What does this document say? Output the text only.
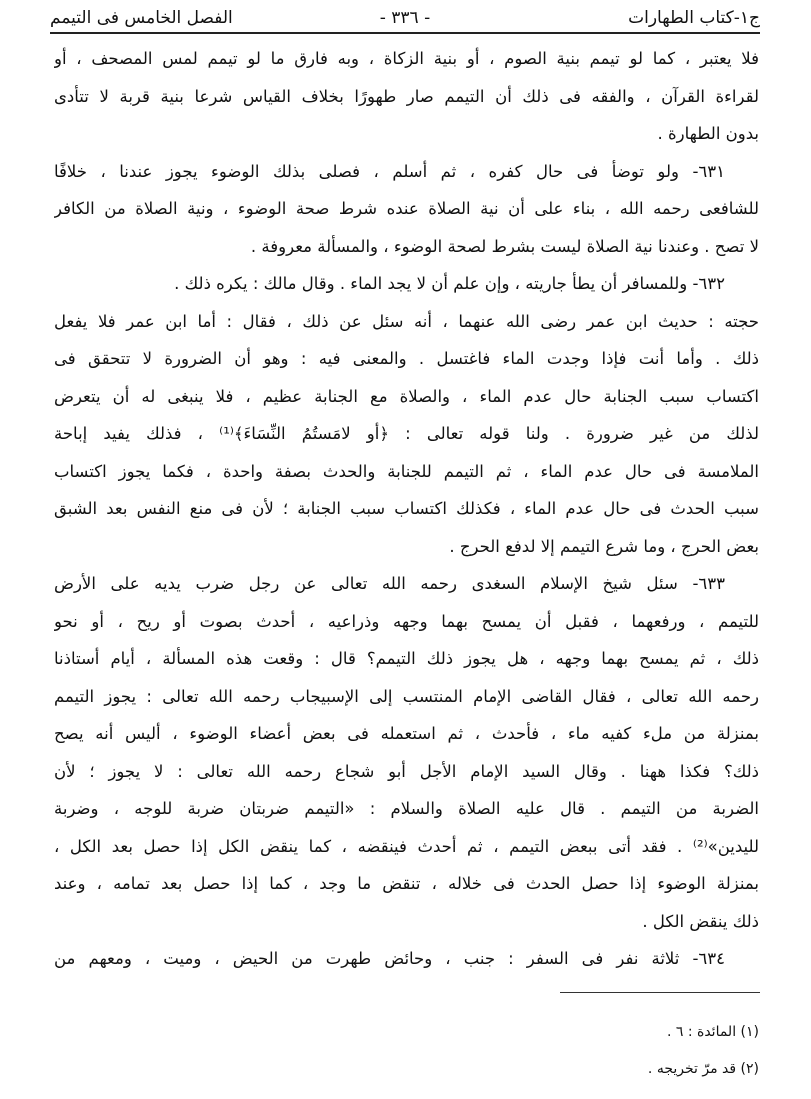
ج١-كتاب الطهارات
- ٣٣٦ -
الفصل الخامس فى التيمم
فلا يعتبر ، كما لو تيمم بنية الصوم ، أو بنية الزكاة ، وبه فارق ما لو تيمم لمس المصحف ، أو
لقراءة القرآن ، والفقه فى ذلك أن التيمم صار طهورًا بخلاف القياس شرعا بنية قربة لا تتأدى
بدون الطهارة .
٦٣١- ولو توضأ فى حال كفره ، ثم أسلم ، فصلى بذلك الوضوء يجوز عندنا ، خلافًا
للشافعى رحمه الله ، بناء على أن نية الصلاة عنده شرط صحة الوضوء ، ونية الصلاة من الكافر
لا تصح . وعندنا نية الصلاة ليست بشرط لصحة الوضوء ، والمسألة معروفة .
٦٣٢- وللمسافر أن يطأ جاريته ، وإن علم أن لا يجد الماء . وقال مالك : يكره ذلك .
حجته : حديث ابن عمر رضى الله عنهما ، أنه سئل عن ذلك ، فقال : أما ابن عمر فلا يفعل
ذلك . وأما أنت فإذا وجدت الماء فاغتسل . والمعنى فيه : وهو أن الضرورة لا تتحقق فى
اكتساب سبب الجنابة حال عدم الماء ، والصلاة مع الجنابة عظيم ، فلا ينبغى له أن يتعرض
لذلك من غير ضرورة . ولنا قوله تعالى : ﴿أو لامَستُمُ النِّسَاءَ﴾⁽¹⁾ ، فذلك يفيد إباحة
الملامسة فى حال عدم الماء ، ثم التيمم للجنابة والحدث بصفة واحدة ، فكما يجوز اكتساب
سبب الحدث فى حال عدم الماء ، فكذلك اكتساب سبب الجنابة ؛ لأن فى منع النفس بعد الشبق
بعض الحرج ، وما شرع التيمم إلا لدفع الحرج .
٦٣٣- سئل شيخ الإسلام السغدى رحمه الله تعالى عن رجل ضرب يديه على الأرض
للتيمم ، ورفعهما ، فقبل أن يمسح بهما وجهه وذراعيه ، أحدث بصوت أو ريح ، أو نحو
ذلك ، ثم يمسح بهما وجهه ، هل يجوز ذلك التيمم؟ قال : وقعت هذه المسألة ، أيام أستاذنا
رحمه الله تعالى ، فقال القاضى الإمام المنتسب إلى الإسبيجاب رحمه الله تعالى : يجوز التيمم
بمنزلة من ملء كفيه ماء ، فأحدث ، ثم استعمله فى بعض أعضاء الوضوء ، أليس أنه يصح
ذلك؟ فكذا ههنا . وقال السيد الإمام الأجل أبو شجاع رحمه الله تعالى : لا يجوز ؛ لأن
الضربة من التيمم . قال عليه الصلاة والسلام : «التيمم ضربتان ضربة للوجه ، وضربة
لليدين»⁽²⁾ . فقد أتى ببعض التيمم ، ثم أحدث فينقضه ، كما ينقض الكل إذا حصل بعد الكل ،
بمنزلة الوضوء إذا حصل الحدث فى خلاله ، تنقض ما وجد ، كما إذا حصل بعد تمامه ، وعند
ذلك ينقض الكل .
٦٣٤- ثلاثة نفر فى السفر : جنب ، وحائض طهرت من الحيض ، وميت ، ومعهم من
(١) المائدة : ٦ .
(٢) قد مرّ تخريجه .
